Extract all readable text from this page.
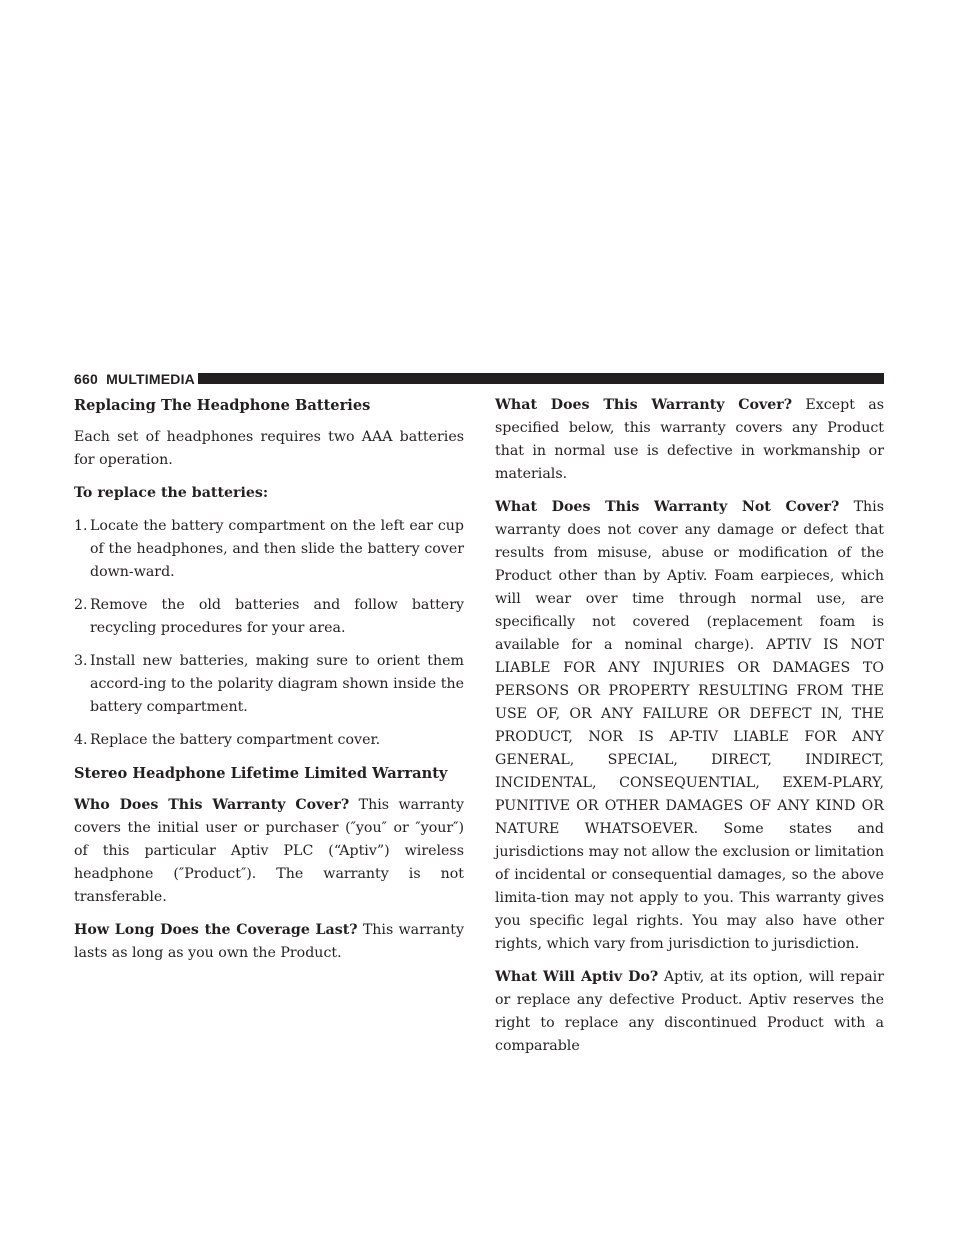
660 MULTIMEDIA
Replacing The Headphone Batteries

Each set of headphones requires two AAA batteries for operation.

To replace the batteries:

1. Locate the battery compartment on the left ear cup of the headphones, and then slide the battery cover down-ward.
2. Remove the old batteries and follow battery recycling procedures for your area.
3. Install new batteries, making sure to orient them accord-ing to the polarity diagram shown inside the battery compartment.
4. Replace the battery compartment cover.
Stereo Headphone Lifetime Limited Warranty

Who Does This Warranty Cover? This warranty covers the initial user or purchaser (″you″ or ″your″) of this particular Aptiv PLC (“Aptiv”) wireless headphone (″Product″). The warranty is not transferable.

How Long Does the Coverage Last? This warranty lasts as long as you own the Product.

What Does This Warranty Cover? Except as specified below, this warranty covers any Product that in normal use is defective in workmanship or materials.

What Does This Warranty Not Cover? This warranty does not cover any damage or defect that results from misuse, abuse or modification of the Product other than by Aptiv. Foam earpieces, which will wear over time through normal use, are specifically not covered (replacement foam is available for a nominal charge). APTIV IS NOT LIABLE FOR ANY INJURIES OR DAMAGES TO PERSONS OR PROPERTY RESULTING FROM THE USE OF, OR ANY FAILURE OR DEFECT IN, THE PRODUCT, NOR IS AP-TIV LIABLE FOR ANY GENERAL, SPECIAL, DIRECT, INDIRECT, INCIDENTAL, CONSEQUENTIAL, EXEM-PLARY, PUNITIVE OR OTHER DAMAGES OF ANY KIND OR NATURE WHATSOEVER. Some states and jurisdictions may not allow the exclusion or limitation of incidental or consequential damages, so the above limita-tion may not apply to you. This warranty gives you specific legal rights. You may also have other rights, which vary from jurisdiction to jurisdiction.

What Will Aptiv Do? Aptiv, at its option, will repair or replace any defective Product. Aptiv reserves the right to replace any discontinued Product with a comparable
